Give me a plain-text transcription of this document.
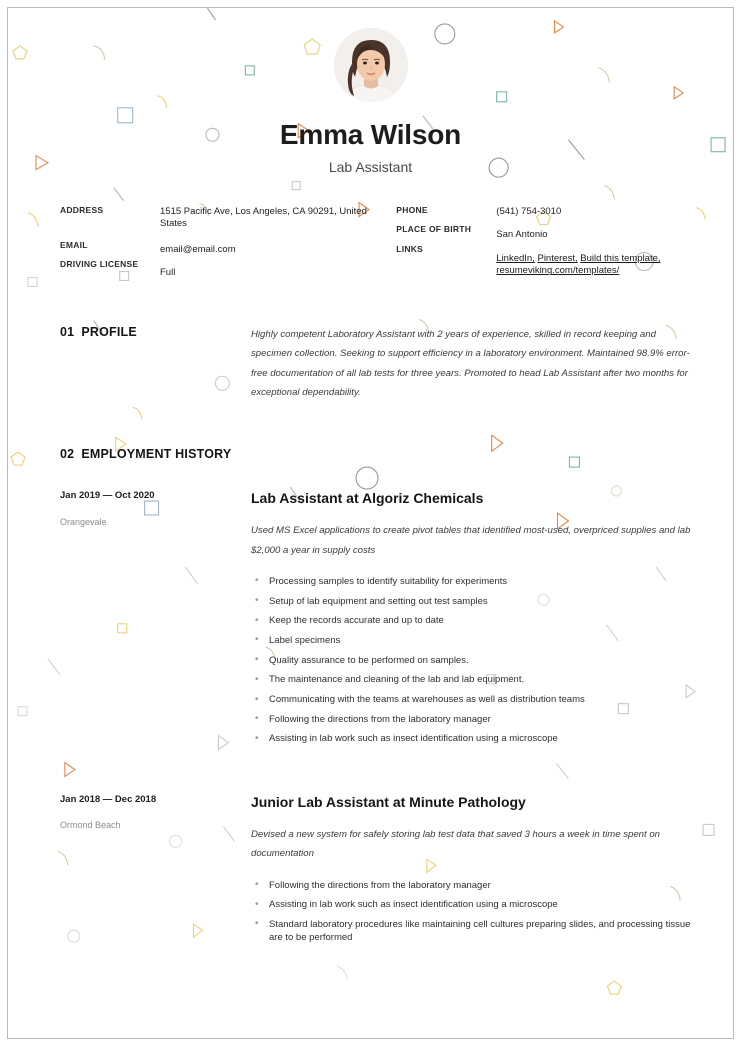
Emma Wilson
Lab Assistant
ADDRESS
EMAIL
DRIVING LICENSE
1515 Pacific Ave, Los Angeles, CA 90291, United States
email@email.com
Full
PHONE
PLACE OF BIRTH
LINKS
(541) 754-3010
San Antonio
LinkedIn, Pinterest, Build this template, resumeviking.com/templates/
01 PROFILE	Highly competent Laboratory Assistant with 2 years of experience, skilled in record keeping and specimen collection. Seeking to support efficiency in a laboratory environment. Maintained 98.9% error-free documentation of all lab tests for three years. Promoted to head Lab Assistant after two months for exceptional dependability.
02 EMPLOYMENT HISTORY
Jan 2019 — Oct 2020
Orangevale
Lab Assistant at Algoriz Chemicals
Used MS Excel applications to create pivot tables that identified most-used, overpriced supplies and lab $2,000 a year in supply costs
• Processing samples to identify suitability for experiments
• Setup of lab equipment and setting out test samples
• Keep the records accurate and up to date
• Label specimens
• Quality assurance to be performed on samples.
• The maintenance and cleaning of the lab and lab equipment.
• Communicating with the teams at warehouses as well as distribution teams
• Following the directions from the laboratory manager
• Assisting in lab work such as insect identification using a microscope
Jan 2018 — Dec 2018
Ormond Beach
Junior Lab Assistant at Minute Pathology
Devised a new system for safely storing lab test data that saved 3 hours a week in time spent on documentation
• Following the directions from the laboratory manager
• Assisting in lab work such as insect identification using a microscope
• Standard laboratory procedures like maintaining cell cultures preparing slides, and processing tissue are to be performed
